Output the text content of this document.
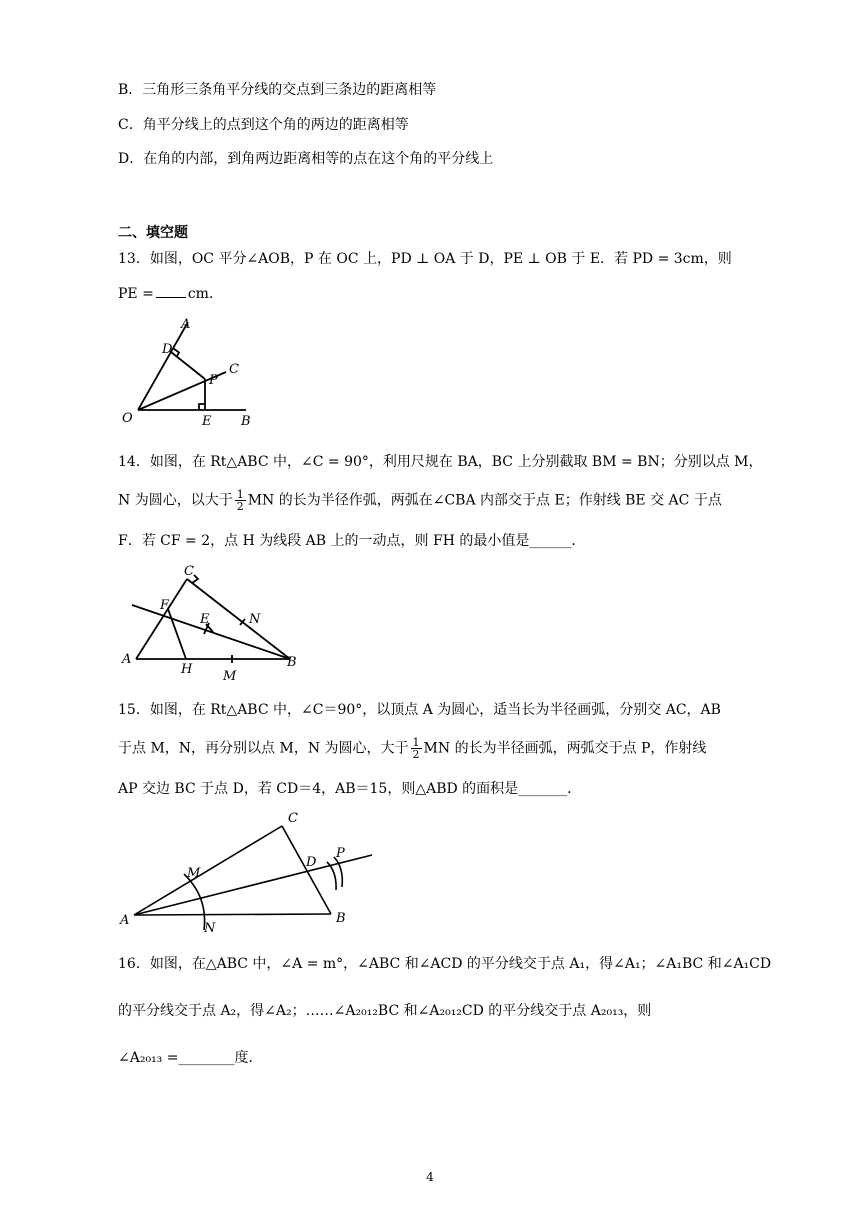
B．三角形三条角平分线的交点到三条边的距离相等
C．角平分线上的点到这个角的两边的距离相等
D．在角的内部，到角两边距离相等的点在这个角的平分线上
二、填空题
13．如图，OC 平分∠AOB，P 在 OC 上，PD ⊥ OA 于 D，PE ⊥ OB 于 E．若 PD = 3cm，则
PE = cm．
A
D
C
P
O	E B
14．如图，在 Rt△ABC 中，∠C = 90°，利用尺规在 BA，BC 上分别截取 BM = BN；分别以点 M，
N 为圆心，以大于 $\frac{1}{2}$ MN 的长为半径作弧，两弧在∠CBA 内部交于点 E；作射线 BE 交 AC 于点
F．若 CF = 2，点 H 为线段 AB 上的一动点，则 FH 的最小值是______．
C
F
E	N
A
H M
B
15．如图，在 Rt△ABC 中，∠C＝90°，以顶点 A 为圆心，适当长为半径画弧，分别交 AC，AB
于点 M，N，再分别以点 M，N 为圆心，大于 $\frac{1}{2}$ MN 的长为半径画弧，两弧交于点 P，作射线
AP 交边 BC 于点 D，若 CD＝4，AB＝15，则△ABD 的面积是_______．
C
M
D
P
A
N
B
16．如图，在△ABC 中，∠A = m°，∠ABC 和∠ACD 的平分线交于点 A₁，得∠A₁；∠A₁BC 和∠A₁CD
的平分线交于点 A₂，得∠A₂；……∠A₂₀₁₂BC 和∠A₂₀₁₂CD 的平分线交于点 A₂₀₁₃，则
∠A₂₀₁₃ =________度．
4
